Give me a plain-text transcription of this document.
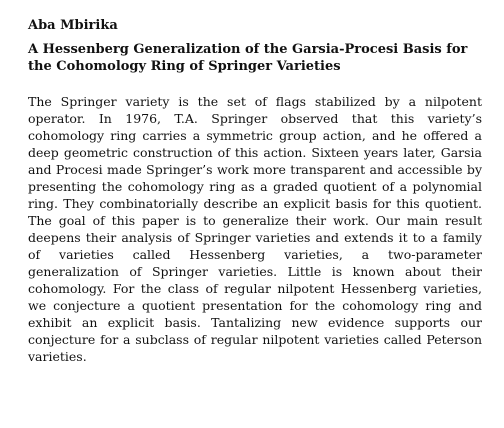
Aba Mbirika
A Hessenberg Generalization of the Garsia-Procesi Basis for the Cohomology Ring of Springer Varieties

The Springer variety is the set of flags stabilized by a nilpotent operator. In 1976, T.A. Springer observed that this variety’s cohomology ring carries a symmetric group action, and he offered a deep geometric construction of this action. Sixteen years later, Garsia and Procesi made Springer’s work more transparent and accessible by presenting the cohomology ring as a graded quotient of a polynomial ring. They combinatorially describe an explicit basis for this quotient. The goal of this paper is to generalize their work. Our main result deepens their analysis of Springer varieties and extends it to a family of varieties called Hessenberg varieties, a two-parameter generalization of Springer varieties. Little is known about their cohomology. For the class of regular nilpotent Hessenberg varieties, we conjecture a quotient presentation for the cohomology ring and exhibit an explicit basis. Tantalizing new evidence supports our conjecture for a subclass of regular nilpotent varieties called Peterson varieties.
